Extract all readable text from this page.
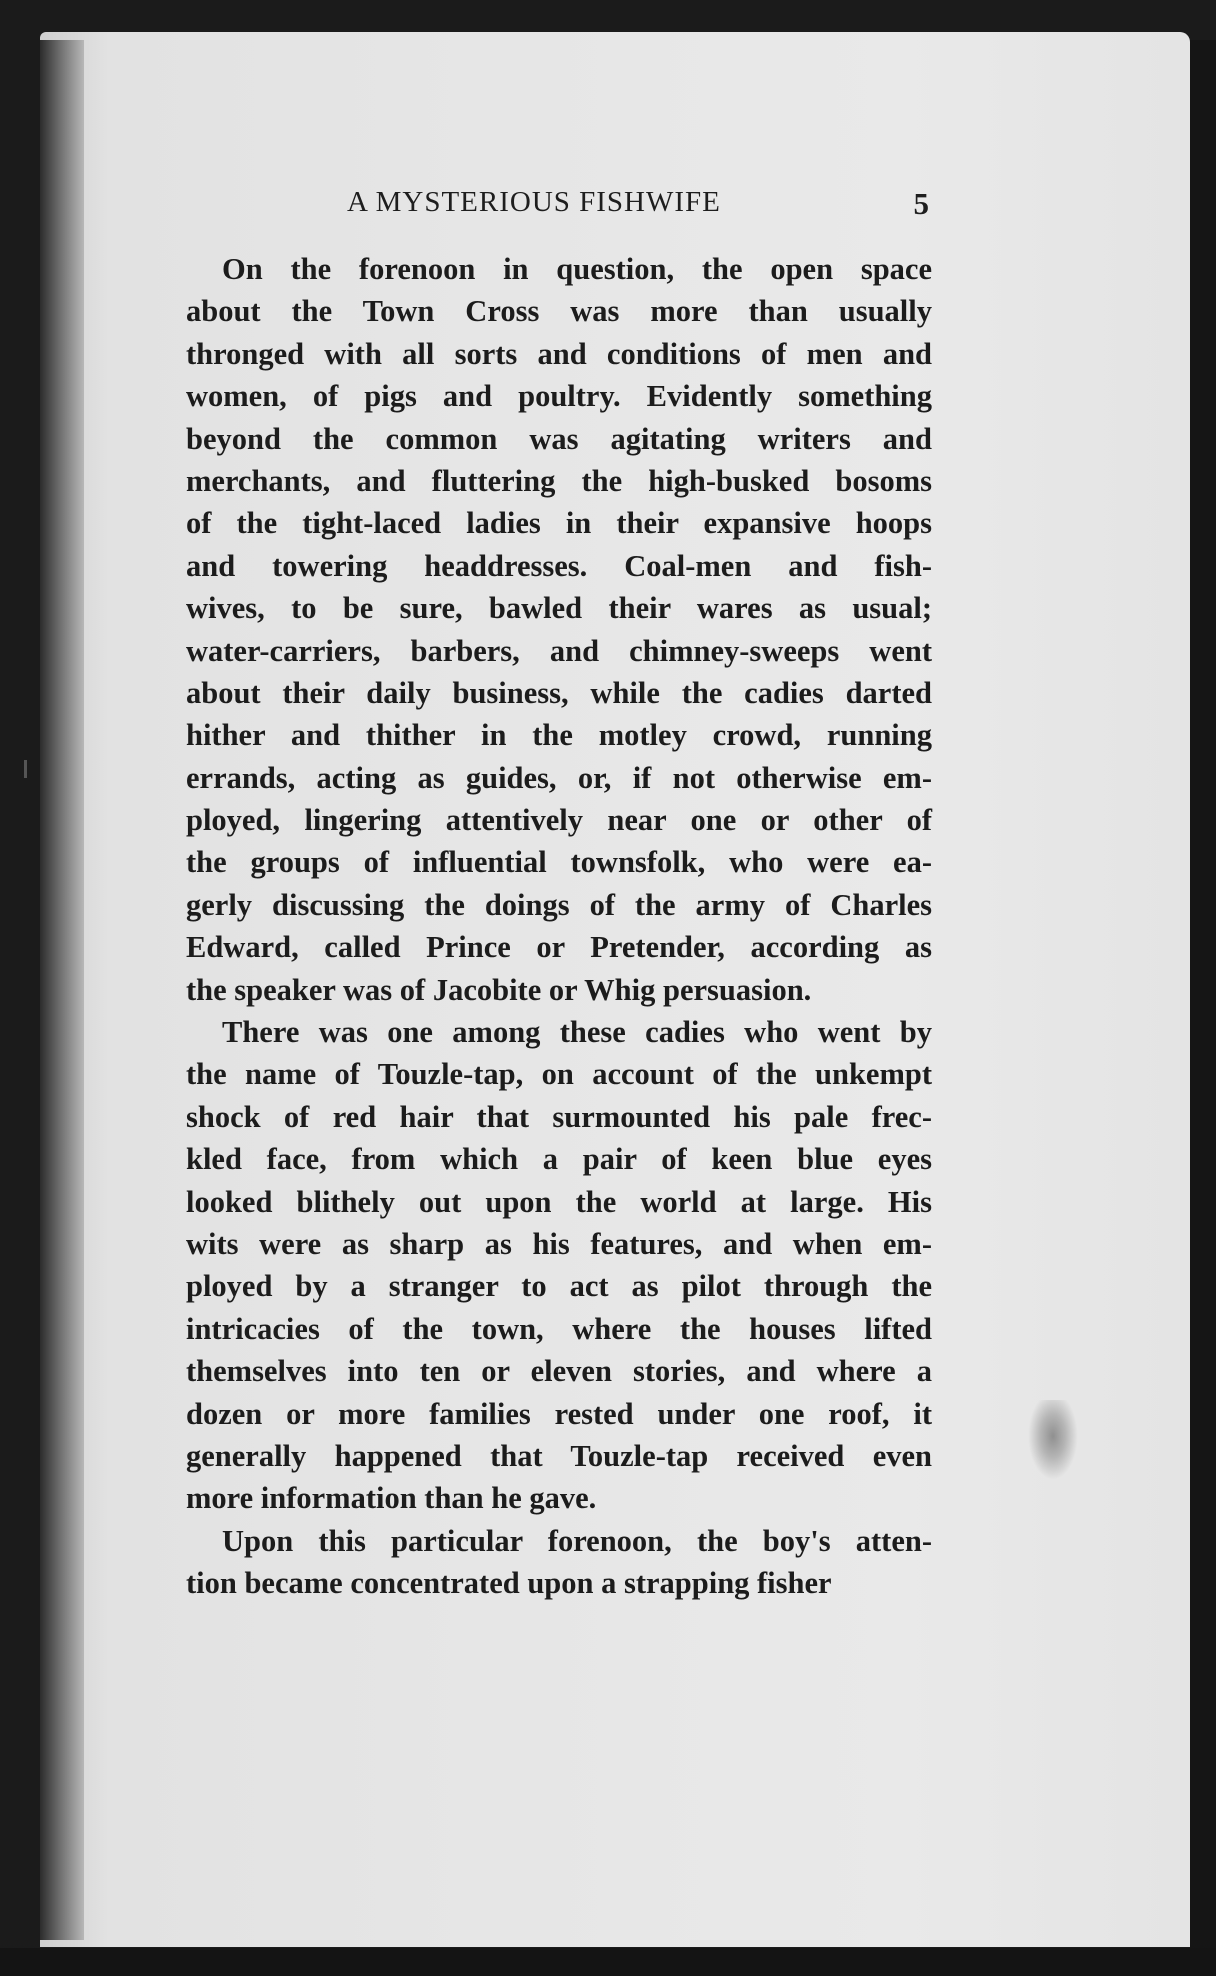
A MYSTERIOUS FISHWIFE	5
On the forenoon in question, the open space
about the Town Cross was more than usually
thronged with all sorts and conditions of men and
women, of pigs and poultry. Evidently something
beyond the common was agitating writers and
merchants, and fluttering the high-busked bosoms
of the tight-laced ladies in their expansive hoops
and towering headdresses. Coal-men and fish-
wives, to be sure, bawled their wares as usual;
water-carriers, barbers, and chimney-sweeps went
about their daily business, while the cadies darted
hither and thither in the motley crowd, running
errands, acting as guides, or, if not otherwise em-
ployed, lingering attentively near one or other of
the groups of influential townsfolk, who were ea-
gerly discussing the doings of the army of Charles
Edward, called Prince or Pretender, according as
the speaker was of Jacobite or Whig persuasion.
There was one among these cadies who went by
the name of Touzle-tap, on account of the unkempt
shock of red hair that surmounted his pale frec-
kled face, from which a pair of keen blue eyes
looked blithely out upon the world at large. His
wits were as sharp as his features, and when em-
ployed by a stranger to act as pilot through the
intricacies of the town, where the houses lifted
themselves into ten or eleven stories, and where a
dozen or more families rested under one roof, it
generally happened that Touzle-tap received even
more information than he gave.
Upon this particular forenoon, the boy's atten-
tion became concentrated upon a strapping fisher
